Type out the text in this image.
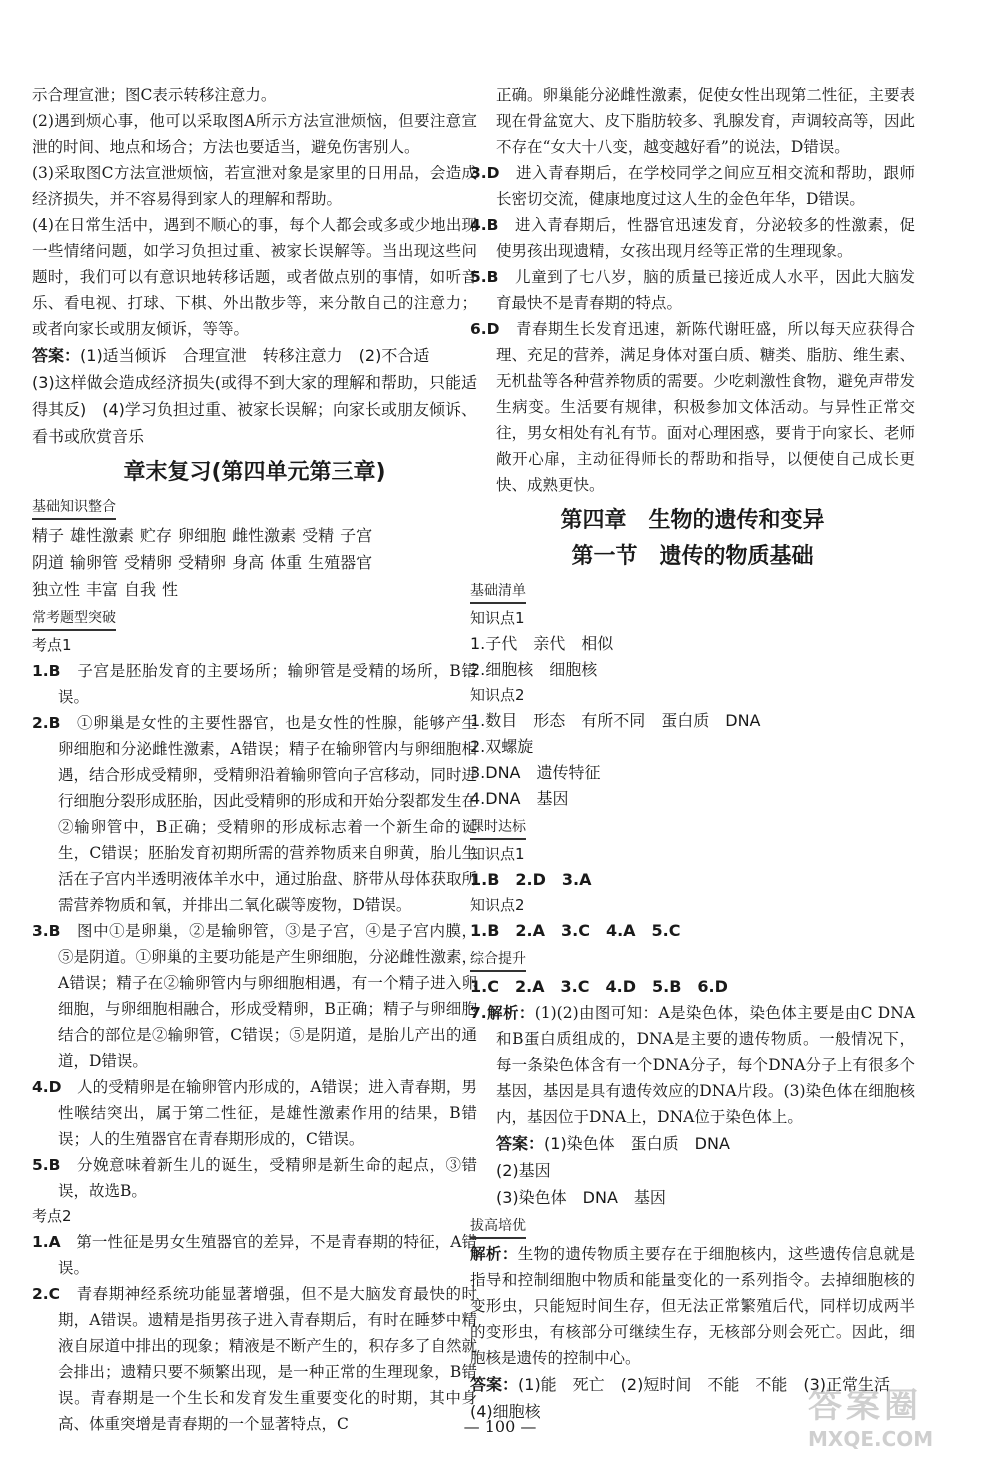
示合理宣泄；图C表示转移注意力。

(2)遇到烦心事，他可以采取图A所示方法宣泄烦恼，但要注意宣泄的时间、地点和场合；方法也要适当，避免伤害别人。

(3)采取图C方法宣泄烦恼，若宣泄对象是家里的日用品，会造成经济损失，并不容易得到家人的理解和帮助。

(4)在日常生活中，遇到不顺心的事，每个人都会或多或少地出现一些情绪问题，如学习负担过重、被家长误解等。当出现这些问题时，我们可以有意识地转移话题，或者做点别的事情，如听音乐、看电视、打球、下棋、外出散步等，来分散自己的注意力；或者向家长或朋友倾诉，等等。

答案：(1)适当倾诉　合理宣泄　转移注意力　(2)不合适

(3)这样做会造成经济损失(或得不到大家的理解和帮助，只能适得其反)　(4)学习负担过重、被家长误解；向家长或朋友倾诉、看书或欣赏音乐

章末复习(第四单元第三章)
基础知识整合
精子 雄性激素 贮存 卵细胞 雌性激素 受精 子宫
阴道 输卵管 受精卵 受精卵 身高 体重 生殖器官
独立性 丰富 自我 性
常考题型突破
考点1

1.B　 子宫是胚胎发育的主要场所；输卵管是受精的场所，B错误。

2.B　 ①卵巢是女性的主要性器官，也是女性的性腺，能够产生卵细胞和分泌雌性激素，A错误；精子在输卵管内与卵细胞相遇，结合形成受精卵，受精卵沿着输卵管向子宫移动，同时进行细胞分裂形成胚胎，因此受精卵的形成和开始分裂都发生在②输卵管中，B正确；受精卵的形成标志着一个新生命的诞生，C错误；胚胎发育初期所需的营养物质来自卵黄，胎儿生活在子宫内半透明液体羊水中，通过胎盘、脐带从母体获取所需营养物质和氧，并排出二氧化碳等废物，D错误。

3.B　 图中①是卵巢，②是输卵管，③是子宫，④是子宫内膜，⑤是阴道。①卵巢的主要功能是产生卵细胞，分泌雌性激素，A错误；精子在②输卵管内与卵细胞相遇，有一个精子进入卵细胞，与卵细胞相融合，形成受精卵，B正确；精子与卵细胞结合的部位是②输卵管，C错误；⑤是阴道，是胎儿产出的通道，D错误。

4.D　 人的受精卵是在输卵管内形成的，A错误；进入青春期，男性喉结突出，属于第二性征，是雄性激素作用的结果，B错误；人的生殖器官在青春期形成的，C错误。

5.B　 分娩意味着新生儿的诞生，受精卵是新生命的起点，③错误，故选B。

考点2

1.A　 第一性征是男女生殖器官的差异，不是青春期的特征，A错误。

2.C　 青春期神经系统功能显著增强，但不是大脑发育最快的时期，A错误。遗精是指男孩子进入青春期后，有时在睡梦中精液自尿道中排出的现象；精液是不断产生的，积存多了自然就会排出；遗精只要不频繁出现，是一种正常的生理现象，B错误。青春期是一个生长和发育发生重要变化的时期，其中身高、体重突增是青春期的一个显著特点，C

正确。卵巢能分泌雌性激素，促使女性出现第二性征，主要表现在骨盆宽大、皮下脂肪较多、乳腺发育，声调较高等，因此不存在“女大十八变，越变越好看”的说法，D错误。

3.D　 进入青春期后，在学校同学之间应互相交流和帮助，跟师长密切交流，健康地度过这人生的金色年华，D错误。

4.B　 进入青春期后，性器官迅速发育，分泌较多的性激素，促使男孩出现遗精，女孩出现月经等正常的生理现象。

5.B　 儿童到了七八岁，脑的质量已接近成人水平，因此大脑发育最快不是青春期的特点。

6.D　 青春期生长发育迅速，新陈代谢旺盛，所以每天应获得合理、充足的营养，满足身体对蛋白质、糖类、脂肪、维生素、无机盐等各种营养物质的需要。少吃刺激性食物，避免声带发生病变。生活要有规律，积极参加文体活动。与异性正常交往，男女相处有礼有节。面对心理困惑，要肯于向家长、老师敞开心扉，主动征得师长的帮助和指导，以便使自己成长更快、成熟更快。

第四章　生物的遗传和变异
第一节　遗传的物质基础
基础清单
知识点1
1.子代　亲代　相似
2.细胞核　细胞核
知识点2
1.数目　形态　有所不同　蛋白质　DNA
2.双螺旋
3.DNA　遗传特征
4.DNA　基因
课时达标
知识点1
1.B　2.D　3.A
知识点2
1.B　2.A　3.C　4.A　5.C
综合提升
1.C　2.A　3.C　4.D　5.B　6.D

7.解析：(1)(2)由图可知：A是染色体，染色体主要是由C DNA和B蛋白质组成的，DNA是主要的遗传物质。一般情况下，每一条染色体含有一个DNA分子，每个DNA分子上有很多个基因，基因是具有遗传效应的DNA片段。(3)染色体在细胞核内，基因位于DNA上，DNA位于染色体上。

答案：(1)染色体　蛋白质　DNA

(2)基因

(3)染色体　DNA　基因

拔高培优

解析：生物的遗传物质主要存在于细胞核内，这些遗传信息就是指导和控制细胞中物质和能量变化的一系列指令。去掉细胞核的变形虫，只能短时间生存，但无法正常繁殖后代，同样切成两半的变形虫，有核部分可继续生存，无核部分则会死亡。因此，细胞核是遗传的控制中心。

答案：(1)能　死亡　(2)短时间　不能　不能　(3)正常生活

(4)细胞核

— 100 —
答案圈
MXQE.COM
